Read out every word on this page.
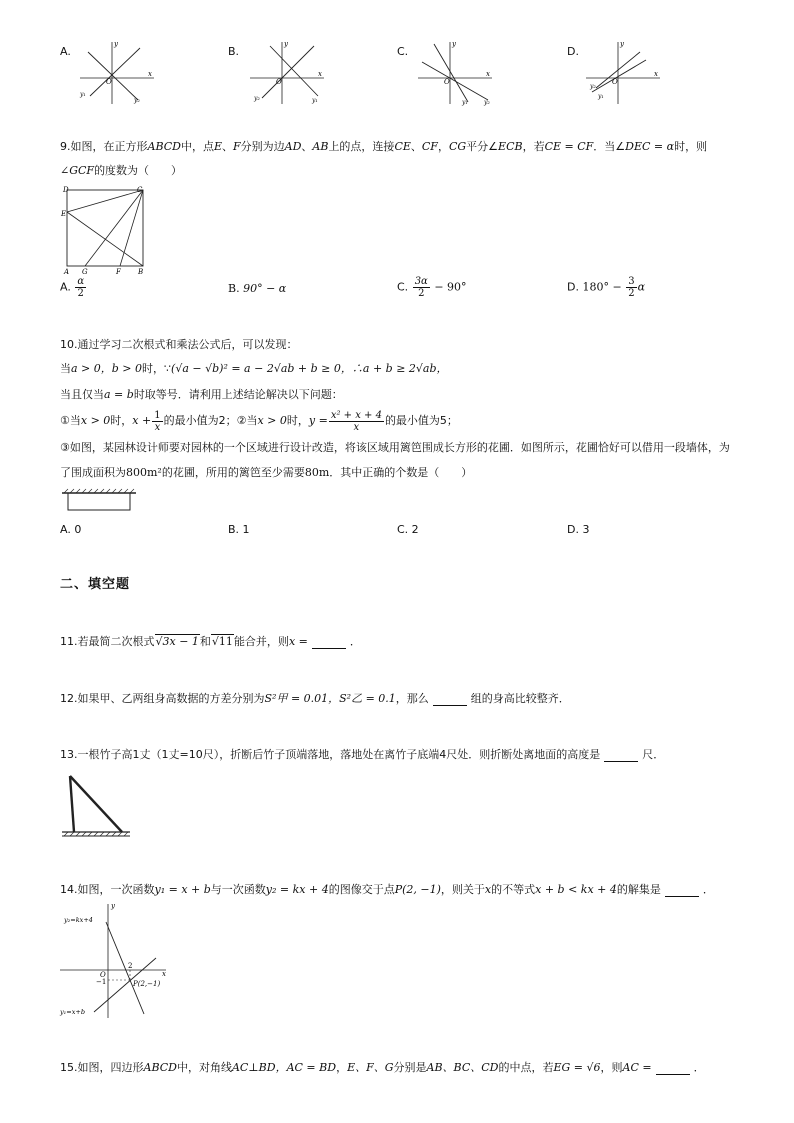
A.
y
x
O
y₁
y₂
B.
y
x
O
y₂	y₁
C.
y
x
O
y₁	y₂
D.
y
x
O
y₂
y₁
9.如图，在正方形ABCD中，点E、F分别为边AD、AB上的点，连接CE、CF，CG平分∠ECB，若CE = CF．当∠DEC = α时，则
∠GCF的度数为（　　）
D	C
E
A G	F B
A. $\frac{\alpha}{2}$	B. 90° − α	C. $\frac{3\alpha}{2} - 90^\circ$	D. $180^\circ - \frac{3}{2}$ α
10.通过学习二次根式和乘法公式后，可以发现：
当a > 0，b > 0时，∵(√a − √b)² = a − 2√ab + b ≥ 0，∴a + b ≥ 2√ab，
当且仅当a = b时取等号．请利用上述结论解决以下问题：
①当x > 0时，$x + \frac{1}{x}$ 的最小值为2；②当x > 0时，$y = \frac{\text{x² + x + 4}}{x}$ 的最小值为5；
③如图，某园林设计师要对园林的一个区域进行设计改造，将该区域用篱笆围成长方形的花圃．如图所示，花圃恰好可以借用一段墙体，为
了围成面积为800m²的花圃，所用的篱笆至少需要80m．其中正确的个数是（　　）
A. 0	B. 1	C. 2	D. 3
二、填空题
11.若最简二次根式√3x − 1和√11能合并，则x =	．
12.如果甲、乙两组身高数据的方差分别为S²甲 = 0.01，S²乙 = 0.1，那么	组的身高比较整齐．
13.一根竹子高1丈（1丈=10尺），折断后竹子顶端落地，落地处在离竹子底端4尺处．则折断处离地面的高度是	尺．
14.如图，一次函数y₁ = x + b与一次函数y₂ = kx + 4的图像交于点P(2, −1)，则关于x的不等式x + b < kx + 4的解集是	．
y
x
O
2
−1	P(2,−1)
y₂=kx+4
y₁=x+b
15.如图，四边形ABCD中，对角线AC⊥BD，AC = BD，E、F、G分别是AB、BC、CD的中点，若EG = √6，则AC =	．
